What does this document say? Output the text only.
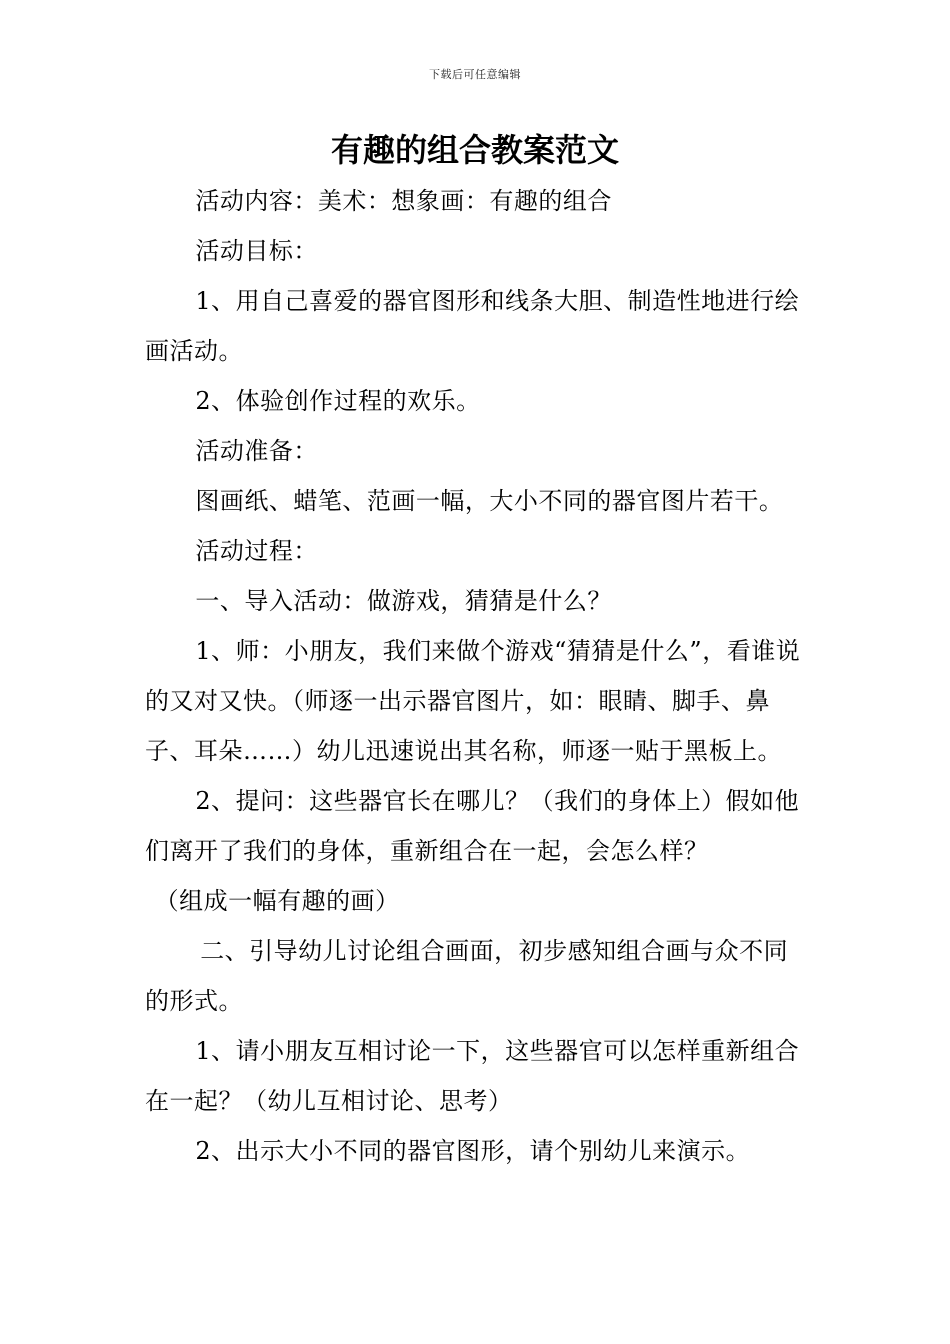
下载后可任意编辑
有趣的组合教案范文

活动内容：美术：想象画：有趣的组合

活动目标：

1、用自己喜爱的器官图形和线条大胆、制造性地进行绘画活动。

2、体验创作过程的欢乐。

活动准备：

图画纸、蜡笔、范画一幅，大小不同的器官图片若干。

活动过程：

一、导入活动：做游戏，猜猜是什么？

1、师：小朋友，我们来做个游戏“猜猜是什么”，看谁说的又对又快。（师逐一出示器官图片，如：眼睛、脚手、鼻子、耳朵……）幼儿迅速说出其名称，师逐一贴于黑板上。

2、提问：这些器官长在哪儿？（我们的身体上）假如他们离开了我们的身体，重新组合在一起，会怎么样？

（组成一幅有趣的画）

二、引导幼儿讨论组合画面，初步感知组合画与众不同的形式。

1、请小朋友互相讨论一下，这些器官可以怎样重新组合在一起？（幼儿互相讨论、思考）

2、出示大小不同的器官图形，请个别幼儿来演示。
